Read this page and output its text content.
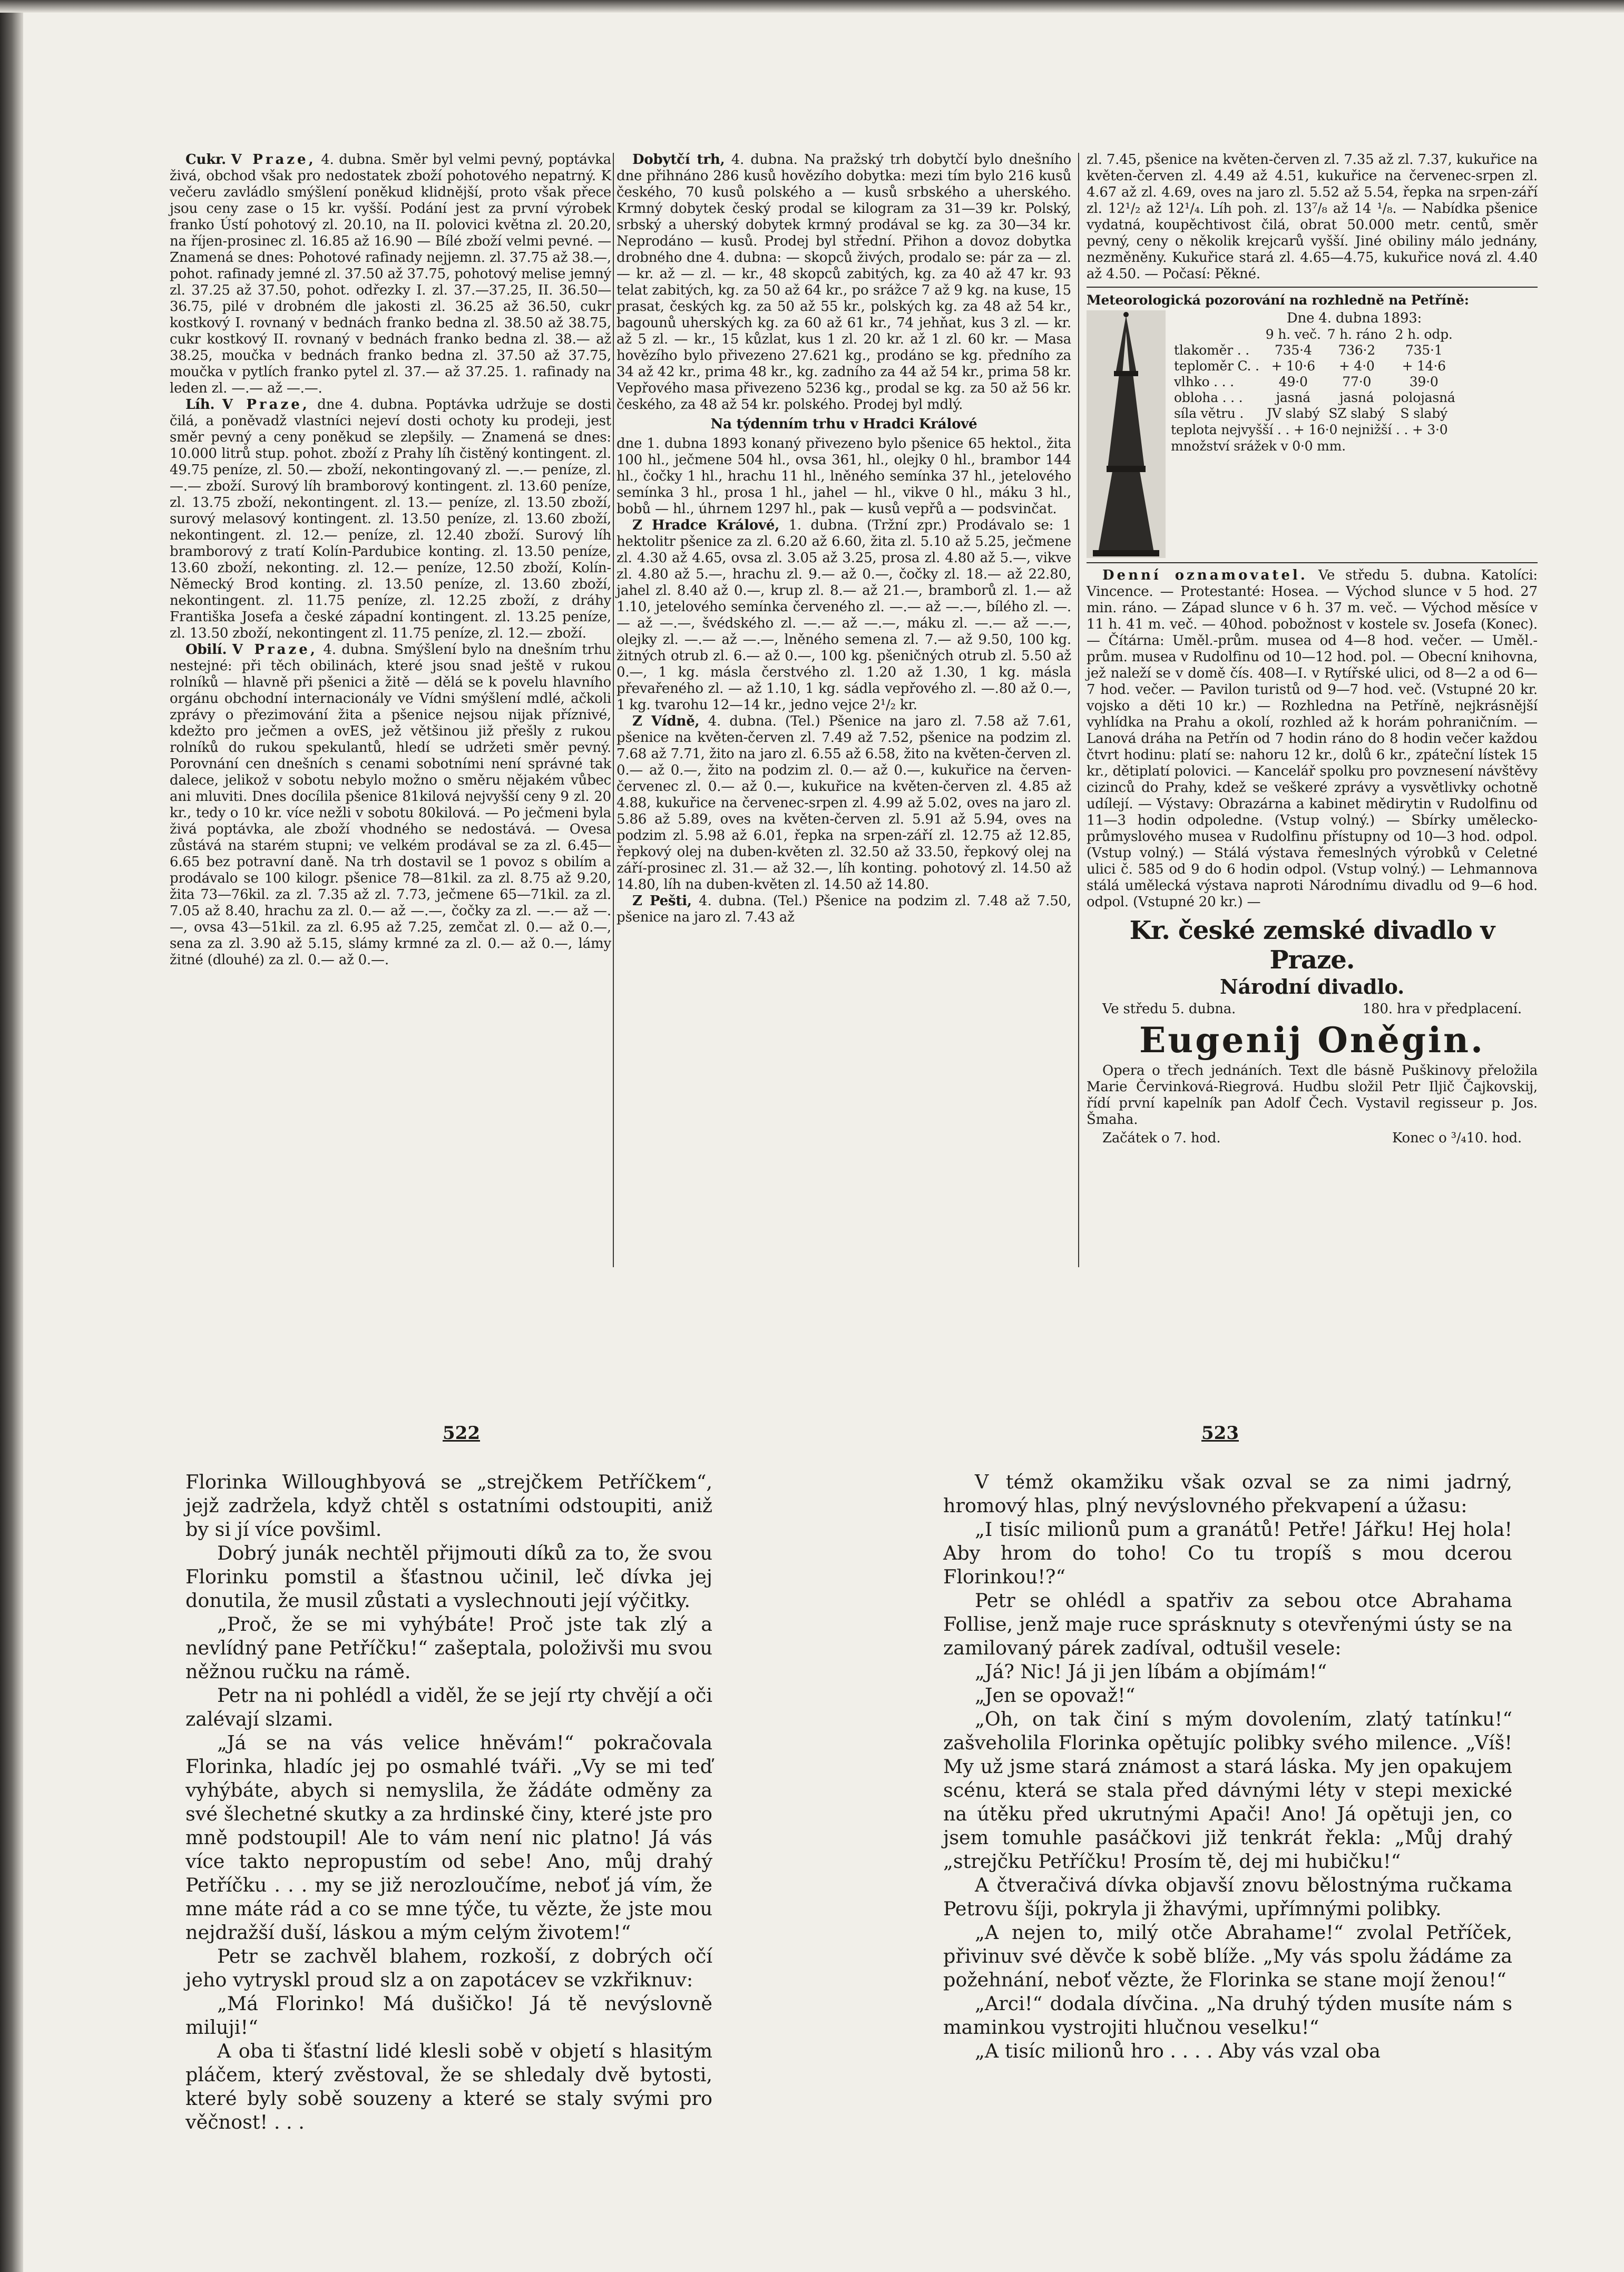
Cukr. V Praze, 4. dubna. Směr byl velmi pevný, poptávka živá, obchod však pro nedostatek zboží pohotového nepatrný. K večeru zavládlo smýšlení poněkud klidnější, proto však přece jsou ceny zase o 15 kr. vyšší. Podání jest za první výrobek franko Ústí pohotový zl. 20.10, na II. polovici května zl. 20.20, na říjen-prosinec zl. 16.85 až 16.90 — Bílé zboží velmi pevné. — Znamená se dnes: Pohotové rafinady nejjemn. zl. 37.75 až 38.—, pohot. rafinady jemné zl. 37.50 až 37.75, pohotový melise jemný zl. 37.25 až 37.50, pohot. odřezky I. zl. 37.—37.25, II. 36.50—36.75, pilé v drobném dle jakosti zl. 36.25 až 36.50, cukr kostkový I. rovnaný v bednách franko bedna zl. 38.50 až 38.75, cukr kostkový II. rovnaný v bednách franko bedna zl. 38.— až 38.25, moučka v bednách franko bedna zl. 37.50 až 37.75, moučka v pytlích franko pytel zl. 37.— až 37.25. 1. rafinady na leden zl. —.— až —.—.

Líh. V Praze, dne 4. dubna. Poptávka udržuje se dosti čilá, a poněvadž vlastníci nejeví dosti ochoty ku prodeji, jest směr pevný a ceny poněkud se zlepšily. — Znamená se dnes: 10.000 litrů stup. pohot. zboží z Prahy líh čistěný kontingent. zl. 49.75 peníze, zl. 50.— zboží, nekontingovaný zl. —.— peníze, zl. —.— zboží. Surový líh bramborový kontingent. zl. 13.60 peníze, zl. 13.75 zboží, nekontingent. zl. 13.— peníze, zl. 13.50 zboží, surový melasový kontingent. zl. 13.50 peníze, zl. 13.60 zboží, nekontingent. zl. 12.— peníze, zl. 12.40 zboží. Surový líh bramborový z tratí Kolín-Pardubice konting. zl. 13.50 peníze, 13.60 zboží, nekonting. zl. 12.— peníze, 12.50 zboží, Kolín-Německý Brod konting. zl. 13.50 peníze, zl. 13.60 zboží, nekontingent. zl. 11.75 peníze, zl. 12.25 zboží, z dráhy Františka Josefa a české západní kontingent. zl. 13.25 peníze, zl. 13.50 zboží, nekontingent zl. 11.75 peníze, zl. 12.— zboží.

Obilí. V Praze, 4. dubna. Smýšlení bylo na dnešním trhu nestejné: při těch obilinách, které jsou snad ještě v rukou rolníků — hlavně při pšenici a žitě — dělá se k povelu hlavního orgánu obchodní internacionály ve Vídni smýšlení mdlé, ačkoli zprávy o přezimování žita a pšenice nejsou nijak příznivé, kdežto pro ječmen a ovES, jež většinou již přešly z rukou rolníků do rukou spekulantů, hledí se udržeti směr pevný. Porovnání cen dnešních s cenami sobotními není správné tak dalece, jelikož v sobotu nebylo možno o směru nějakém vůbec ani mluviti. Dnes docílila pšenice 81kilová nejvyšší ceny 9 zl. 20 kr., tedy o 10 kr. více nežli v sobotu 80kilová. — Po ječmeni byla živá poptávka, ale zboží vhodného se nedostává. — Ovesa zůstává na starém stupni; ve velkém prodával se za zl. 6.45—6.65 bez potravní daně. Na trh dostavil se 1 povoz s obilím a prodávalo se 100 kilogr. pšenice 78—81kil. za zl. 8.75 až 9.20, žita 73—76kil. za zl. 7.35 až zl. 7.73, ječmene 65—71kil. za zl. 7.05 až 8.40, hrachu za zl. 0.— až —.—, čočky za zl. —.— až —.—, ovsa 43—51kil. za zl. 6.95 až 7.25, zemčat zl. 0.— až 0.—, sena za zl. 3.90 až 5.15, slámy krmné za zl. 0.— až 0.—, lámy žitné (dlouhé) za zl. 0.— až 0.—.

Dobytčí trh, 4. dubna. Na pražský trh dobytčí bylo dnešního dne přihnáno 286 kusů hovězího dobytka: mezi tím bylo 216 kusů českého, 70 kusů polského a — kusů srbského a uherského. Krmný dobytek český prodal se kilogram za 31—39 kr. Polský, srbský a uherský dobytek krmný prodával se kg. za 30—34 kr. Neprodáno — kusů. Prodej byl střední. Přihon a dovoz dobytka drobného dne 4. dubna: — skopců živých, prodalo se: pár za — zl. — kr. až — zl. — kr., 48 skopců zabitých, kg. za 40 až 47 kr. 93 telat zabitých, kg. za 50 až 64 kr., po srážce 7 až 9 kg. na kuse, 15 prasat, českých kg. za 50 až 55 kr., polských kg. za 48 až 54 kr., bagounů uherských kg. za 60 až 61 kr., 74 jehňat, kus 3 zl. — kr. až 5 zl. — kr., 15 kůzlat, kus 1 zl. 20 kr. až 1 zl. 60 kr. — Masa hovězího bylo přivezeno 27.621 kg., prodáno se kg. předního za 34 až 42 kr., prima 48 kr., kg. zadního za 44 až 54 kr., prima 58 kr. Vepřového masa přivezeno 5236 kg., prodal se kg. za 50 až 56 kr. českého, za 48 až 54 kr. polského. Prodej byl mdlý.

Na týdenním trhu v Hradci Králové

dne 1. dubna 1893 konaný přivezeno bylo pšenice 65 hektol., žita 100 hl., ječmene 504 hl., ovsa 361, hl., olejky 0 hl., brambor 144 hl., čočky 1 hl., hrachu 11 hl., lněného semínka 37 hl., jetelového semínka 3 hl., prosa 1 hl., jahel — hl., vikve 0 hl., máku 3 hl., bobů — hl., úhrnem 1297 hl., pak — kusů vepřů a — podsvinčat.

Z Hradce Králové, 1. dubna. (Tržní zpr.) Prodávalo se: 1 hektolitr pšenice za zl. 6.20 až 6.60, žita zl. 5.10 až 5.25, ječmene zl. 4.30 až 4.65, ovsa zl. 3.05 až 3.25, prosa zl. 4.80 až 5.—, vikve zl. 4.80 až 5.—, hrachu zl. 9.— až 0.—, čočky zl. 18.— až 22.80, jahel zl. 8.40 až 0.—, krup zl. 8.— až 21.—, bramborů zl. 1.— až 1.10, jetelového semínka červeného zl. —.— až —.—, bílého zl. —.— až —.—, švédského zl. —.— až —.—, máku zl. —.— až —.—, olejky zl. —.— až —.—, lněného semena zl. 7.— až 9.50, 100 kg. žitných otrub zl. 6.— až 0.—, 100 kg. pšeničných otrub zl. 5.50 až 0.—, 1 kg. másla čerstvého zl. 1.20 až 1.30, 1 kg. másla převařeného zl. — až 1.10, 1 kg. sádla vepřového zl. —.80 až 0.—, 1 kg. tvarohu 12—14 kr., jedno vejce 2¹/₂ kr.

Z Vídně, 4. dubna. (Tel.) Pšenice na jaro zl. 7.58 až 7.61, pšenice na květen-červen zl. 7.49 až 7.52, pšenice na podzim zl. 7.68 až 7.71, žito na jaro zl. 6.55 až 6.58, žito na květen-červen zl. 0.— až 0.—, žito na podzim zl. 0.— až 0.—, kukuřice na červen-červenec zl. 0.— až 0.—, kukuřice na květen-červen zl. 4.85 až 4.88, kukuřice na červenec-srpen zl. 4.99 až 5.02, oves na jaro zl. 5.86 až 5.89, oves na květen-červen zl. 5.91 až 5.94, oves na podzim zl. 5.98 až 6.01, řepka na srpen-září zl. 12.75 až 12.85, řepkový olej na duben-květen zl. 32.50 až 33.50, řepkový olej na září-prosinec zl. 31.— až 32.—, líh konting. pohotový zl. 14.50 až 14.80, líh na duben-květen zl. 14.50 až 14.80.

Z Pešti, 4. dubna. (Tel.) Pšenice na podzim zl. 7.48 až 7.50, pšenice na jaro zl. 7.43 až

zl. 7.45, pšenice na květen-červen zl. 7.35 až zl. 7.37, kukuřice na květen-červen zl. 4.49 až 4.51, kukuřice na červenec-srpen zl. 4.67 až zl. 4.69, oves na jaro zl. 5.52 až 5.54, řepka na srpen-září zl. 12¹/₂ až 12¹/₄. Líh poh. zl. 13⁷/₈ až 14 ¹/₈. — Nabídka pšenice vydatná, koupěchtivost čilá, obrat 50.000 metr. centů, směr pevný, ceny o několik krejcarů vyšší. Jiné obiliny málo jednány, nezměněny. Kukuřice stará zl. 4.65—4.75, kukuřice nová zl. 4.40 až 4.50. — Počasí: Pěkné.

Meteorologická pozorování na rozhledně na Petříně:
Dne 4. dubna 1893:
	9 h. več.	7 h. ráno	2 h. odp.
tlakoměr . .	735·4	736·2	735·1
teploměr C. .	+ 10·6	+ 4·0	+ 14·6
vlhko . . .	49·0	77·0	39·0
obloha . . .	jasná	jasná	polojasná
síla větru .	JV slabý	SZ slabý	S slabý
teplota nejvyšší . . + 16·0 nejnižší . . + 3·0
množství srážek v 0·0 mm.

Denní oznamovatel. Ve středu 5. dubna. Katolíci: Vincence. — Protestanté: Hosea. — Východ slunce v 5 hod. 27 min. ráno. — Západ slunce v 6 h. 37 m. več. — Východ měsíce v 11 h. 41 m. več. — 40hod. pobožnost v kostele sv. Josefa (Konec). — Čítárna: Uměl.-prům. musea od 4—8 hod. večer. — Uměl.-prům. musea v Rudolfinu od 10—12 hod. pol. — Obecní knihovna, jež naleží se v domě čís. 408—I. v Rytířské ulici, od 8—2 a od 6—7 hod. večer. — Pavilon turistů od 9—7 hod. več. (Vstupné 20 kr. vojsko a děti 10 kr.) — Rozhledna na Petříně, nejkrásnější vyhlídka na Prahu a okolí, rozhled až k horám pohraničním. — Lanová dráha na Petřín od 7 hodin ráno do 8 hodin večer každou čtvrt hodinu: platí se: nahoru 12 kr., dolů 6 kr., zpáteční lístek 15 kr., dětiplatí polovici. — Kancelář spolku pro povznesení návštěvy cizinců do Prahy, kdež se veškeré zprávy a vysvětlivky ochotně udílejí. — Výstavy: Obrazárna a kabinet mědirytin v Rudolfinu od 11—3 hodin odpoledne. (Vstup volný.) — Sbírky umělecko-průmyslového musea v Rudolfinu přístupny od 10—3 hod. odpol. (Vstup volný.) — Stálá výstava řemeslných výrobků v Celetné ulici č. 585 od 9 do 6 hodin odpol. (Vstup volný.) — Lehmannova stálá umělecká výstava naproti Národnímu divadlu od 9—6 hod. odpol. (Vstupné 20 kr.) —

Kr. české zemské divadlo v Praze.
Národní divadlo.
Ve středu 5. dubna.	180. hra v předplacení.
Eugenij Oněgin.

Opera o třech jednáních. Text dle básně Puškinovy přeložila Marie Červinková-Riegrová. Hudbu složil Petr Iljič Čajkovskij, řídí první kapelník pan Adolf Čech. Vystavil regisseur p. Jos. Šmaha.

Začátek o 7. hod.	Konec o ³/₄10. hod.
522	523

Florinka Willoughbyová se „strejčkem Petříčkem“, jejž zadržela, když chtěl s ostatními odstoupiti, aniž by si jí více povšiml.

Dobrý junák nechtěl přijmouti díků za to, že svou Florinku pomstil a šťastnou učinil, leč dívka jej donutila, že musil zůstati a vyslechnouti její výčitky.

„Proč, že se mi vyhýbáte! Proč jste tak zlý a nevlídný pane Petříčku!“ zašeptala, položivši mu svou něžnou ručku na rámě.

Petr na ni pohlédl a viděl, že se její rty chvějí a oči zalévají slzami.

„Já se na vás velice hněvám!“ pokračovala Florinka, hladíc jej po osmahlé tváři. „Vy se mi teď vyhýbáte, abych si nemyslila, že žádáte odměny za své šlechetné skutky a za hrdinské činy, které jste pro mně podstoupil! Ale to vám není nic platno! Já vás více takto nepropustím od sebe! Ano, můj drahý Petříčku . . . my se již nerozloučíme, neboť já vím, že mne máte rád a co se mne týče, tu vězte, že jste mou nejdražší duší, láskou a mým celým životem!“

Petr se zachvěl blahem, rozkoší, z dobrých očí jeho vytryskl proud slz a on zapotácev se vzkřiknuv:

„Má Florinko! Má dušičko! Já tě nevýslovně miluji!“

A oba ti šťastní lidé klesli sobě v objetí s hlasitým pláčem, který zvěstoval, že se shledaly dvě bytosti, které byly sobě souzeny a které se staly svými pro věčnost! . . .

V témž okamžiku však ozval se za nimi jadrný, hromový hlas, plný nevýslovného překvapení a úžasu:

„I tisíc milionů pum a granátů! Petře! Jářku! Hej hola! Aby hrom do toho! Co tu tropíš s mou dcerou Florinkou!?“

Petr se ohlédl a spatřiv za sebou otce Abrahama Follise, jenž maje ruce sprásknuty s otevřenými ústy se na zamilovaný párek zadíval, odtušil vesele:

„Já? Nic! Já ji jen líbám a objímám!“

„Jen se opovaž!“

„Oh, on tak činí s mým dovolením, zlatý tatínku!“ zašveholila Florinka opětujíc polibky svého milence. „Víš! My už jsme stará známost a stará láska. My jen opakujem scénu, která se stala před dávnými léty v stepi mexické na útěku před ukrutnými Apači! Ano! Já opětuji jen, co jsem tomuhle pasáčkovi již tenkrát řekla: „Můj drahý „strejčku Petříčku! Prosím tě, dej mi hubičku!“

A čtveračivá dívka objavší znovu bělostnýma ručkama Petrovu šíji, pokryla ji žhavými, upřímnými polibky.

„A nejen to, milý otče Abrahame!“ zvolal Petříček, přivinuv své děvče k sobě blíže. „My vás spolu žádáme za požehnání, neboť vězte, že Florinka se stane mojí ženou!“

„Arci!“ dodala dívčina. „Na druhý týden musíte nám s maminkou vystrojiti hlučnou veselku!“

„A tisíc milionů hro . . . . Aby vás vzal oba
